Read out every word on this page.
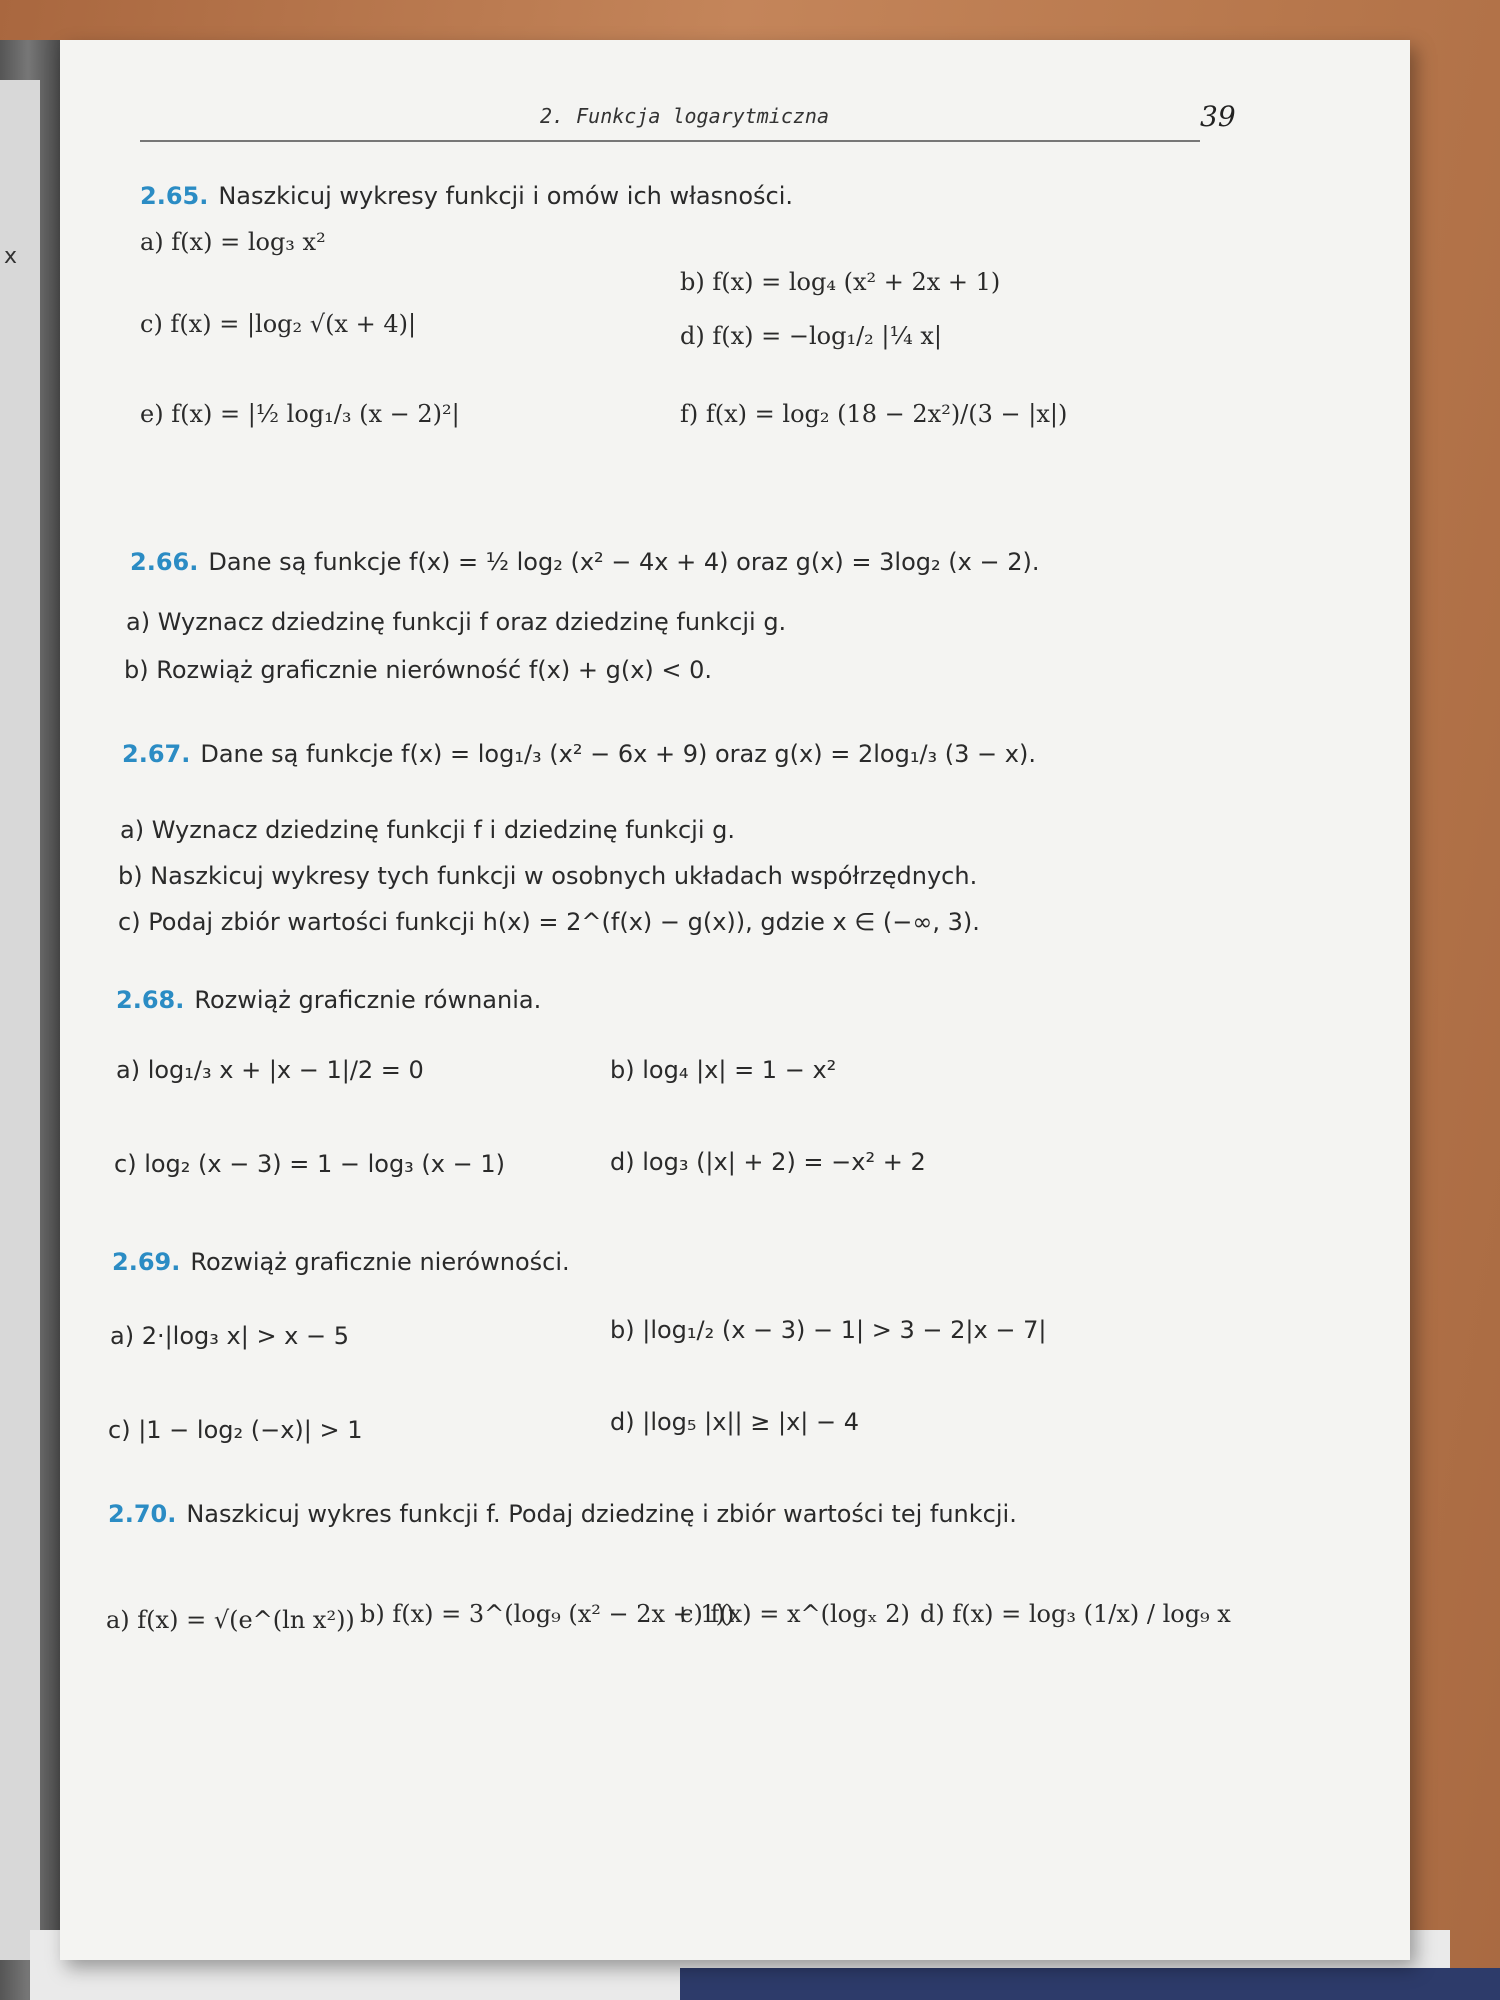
x
2. Funkcja logarytmiczna	39
2.65. Naszkicuj wykresy funkcji i omów ich własności.
a) f(x) = log₃ x²
b) f(x) = log₄ (x² + 2x + 1)
c) f(x) = |log₂ √(x + 4)|	d) f(x) = −log₁/₂ |¼ x|
e) f(x) = |½ log₁/₃ (x − 2)²|	f) f(x) = log₂ (18 − 2x²)/(3 − |x|)
2.66. Dane są funkcje f(x) = ½ log₂ (x² − 4x + 4) oraz g(x) = 3log₂ (x − 2).
a) Wyznacz dziedzinę funkcji f oraz dziedzinę funkcji g.
b) Rozwiąż graficznie nierówność f(x) + g(x) < 0.
2.67. Dane są funkcje f(x) = log₁/₃ (x² − 6x + 9) oraz g(x) = 2log₁/₃ (3 − x).
a) Wyznacz dziedzinę funkcji f i dziedzinę funkcji g.
b) Naszkicuj wykresy tych funkcji w osobnych układach współrzędnych.
c) Podaj zbiór wartości funkcji h(x) = 2^(f(x) − g(x)), gdzie x ∈ (−∞, 3).
2.68. Rozwiąż graficznie równania.
a) log₁/₃ x + |x − 1|/2 = 0	b) log₄ |x| = 1 − x²
c) log₂ (x − 3) = 1 − log₃ (x − 1)	d) log₃ (|x| + 2) = −x² + 2
2.69. Rozwiąż graficznie nierówności.
a) 2·|log₃ x| > x − 5	b) |log₁/₂ (x − 3) − 1| > 3 − 2|x − 7|
c) |1 − log₂ (−x)| > 1	d) |log₅ |x|| ≥ |x| − 4
2.70. Naszkicuj wykres funkcji f. Podaj dziedzinę i zbiór wartości tej funkcji.
a) f(x) = √(e^(ln x²)) b) f(x) = 3^(log₉ (x² − 2x + 1))
c) f(x) = x^(logₓ 2) d) f(x) = log₃ (1/x) / log₉ x
